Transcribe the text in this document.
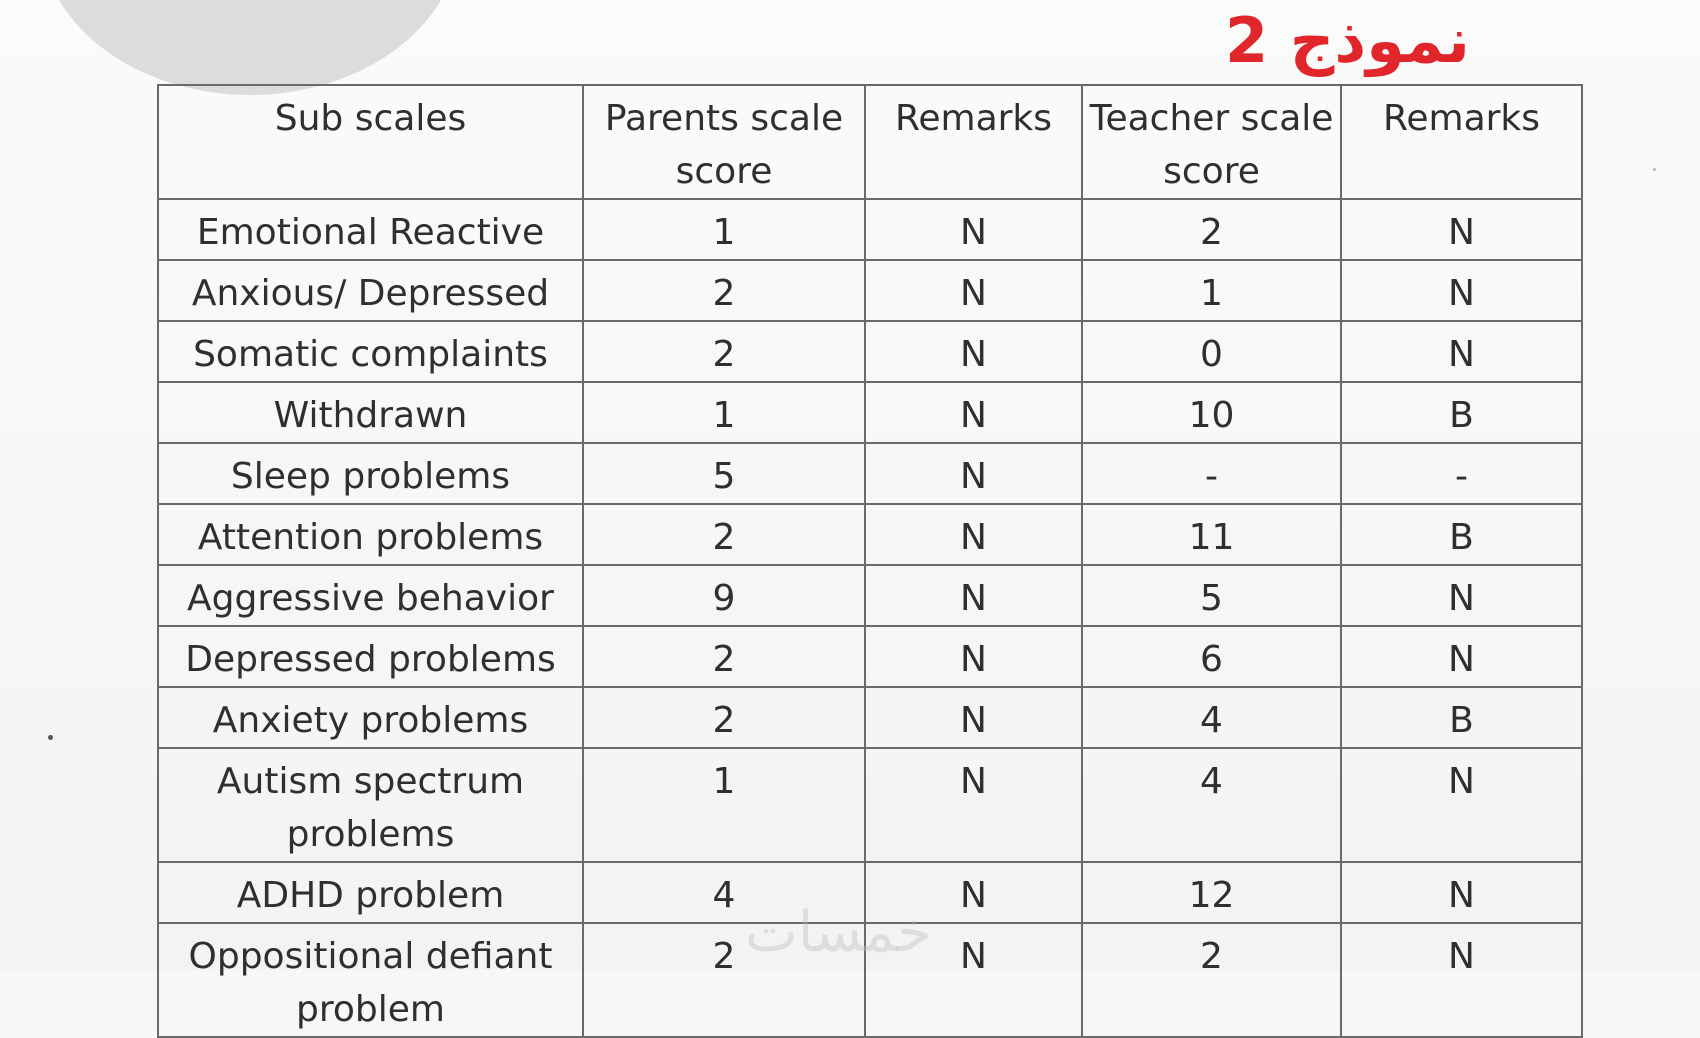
نموذج 2
Sub scales	Parents scale score	Remarks	Teacher scale score	Remarks
Emotional Reactive	1	N	2	N
Anxious/ Depressed	2	N	1	N
Somatic complaints	2	N	0	N
Withdrawn	1	N	10	B
Sleep problems	5	N	-	-
Attention problems	2	N	11	B
Aggressive behavior	9	N	5	N
Depressed problems	2	N	6	N
Anxiety problems	2	N	4	B
Autism spectrum problems	1	N	4	N
ADHD problem	4	N	12	N
Oppositional defiant problem	2	N	2	N
خمسات
